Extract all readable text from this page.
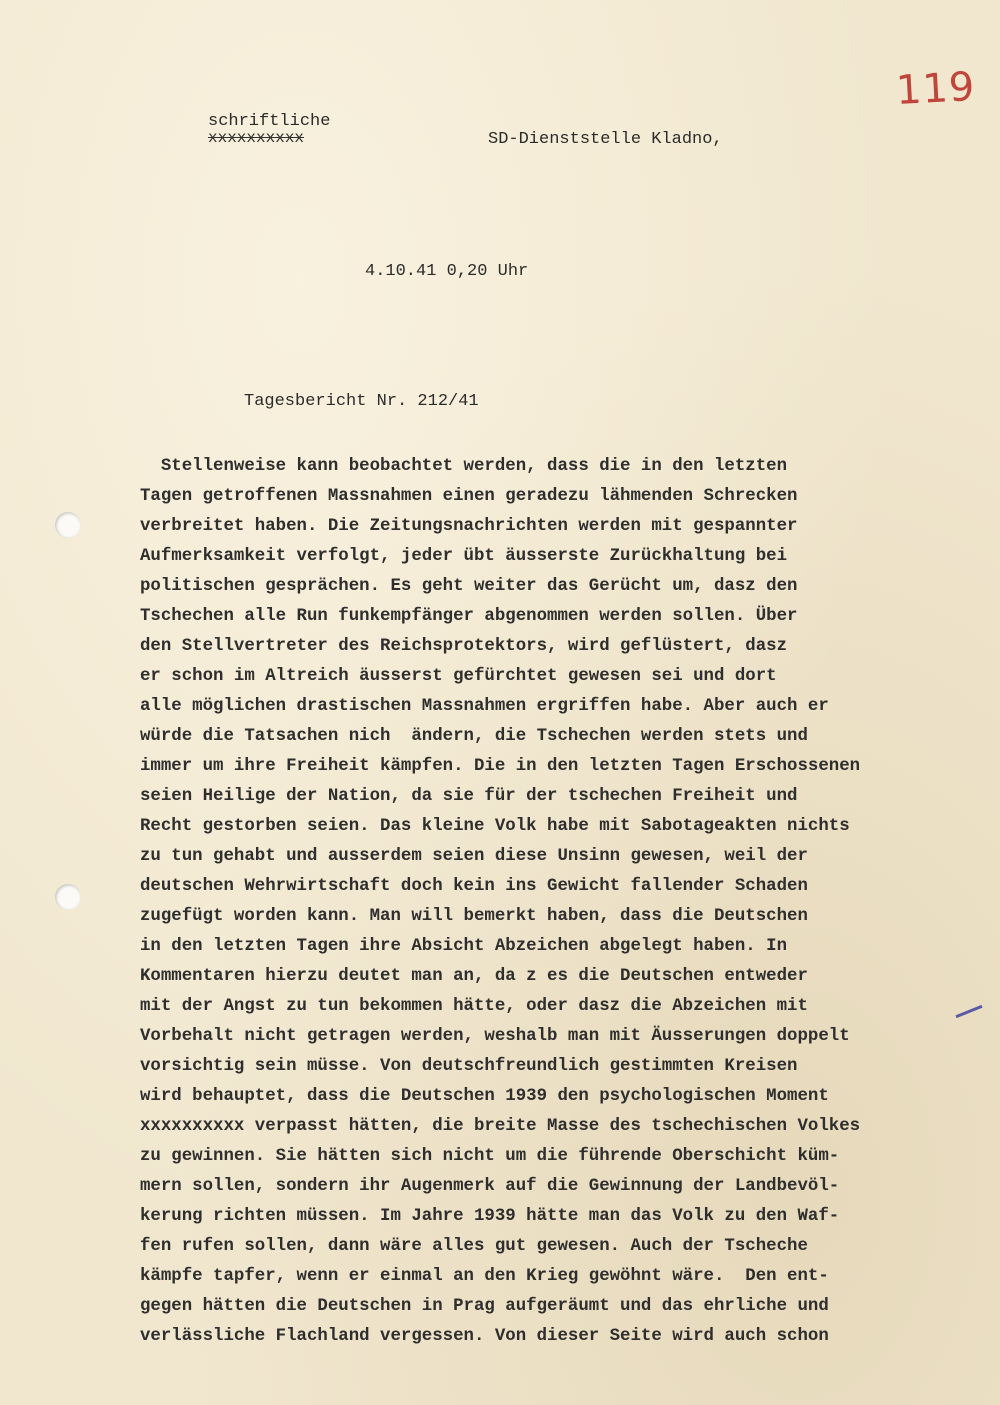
119
schriftliche
xxxxxxxxxx	SD-Dienststelle Kladno,
4.10.41 0,20 Uhr
Tagesbericht Nr. 212/41
Stellenweise kann beobachtet werden, dass die in den letzten
Tagen getroffenen Massnahmen einen geradezu lähmenden Schrecken
verbreitet haben. Die Zeitungsnachrichten werden mit gespannter
Aufmerksamkeit verfolgt, jeder übt äusserste Zurückhaltung bei
politischen gesprächen. Es geht weiter das Gerücht um, dasz den
Tschechen alle Run funkempfänger abgenommen werden sollen. Über
den Stellvertreter des Reichsprotektors, wird geflüstert, dasz
er schon im Altreich äusserst gefürchtet gewesen sei und dort
alle möglichen drastischen Massnahmen ergriffen habe. Aber auch er
würde die Tatsachen nich  ändern, die Tschechen werden stets und
immer um ihre Freiheit kämpfen. Die in den letzten Tagen Erschossenen
seien Heilige der Nation, da sie für der tschechen Freiheit und
Recht gestorben seien. Das kleine Volk habe mit Sabotageakten nichts
zu tun gehabt und ausserdem seien diese Unsinn gewesen, weil der
deutschen Wehrwirtschaft doch kein ins Gewicht fallender Schaden
zugefügt worden kann. Man will bemerkt haben, dass die Deutschen
in den letzten Tagen ihre Absicht Abzeichen abgelegt haben. In
Kommentaren hierzu deutet man an, da z es die Deutschen entweder
mit der Angst zu tun bekommen hätte, oder dasz die Abzeichen mit
Vorbehalt nicht getragen werden, weshalb man mit Äusserungen doppelt
vorsichtig sein müsse. Von deutschfreundlich gestimmten Kreisen
wird behauptet, dass die Deutschen 1939 den psychologischen Moment
xxxxxxxxxx verpasst hätten, die breite Masse des tschechischen Volkes
zu gewinnen. Sie hätten sich nicht um die führende Oberschicht küm-
mern sollen, sondern ihr Augenmerk auf die Gewinnung der Landbevöl-
kerung richten müssen. Im Jahre 1939 hätte man das Volk zu den Waf-
fen rufen sollen, dann wäre alles gut gewesen. Auch der Tscheche
kämpfe tapfer, wenn er einmal an den Krieg gewöhnt wäre.  Den ent-
gegen hätten die Deutschen in Prag aufgeräumt und das ehrliche und
verlässliche Flachland vergessen. Von dieser Seite wird auch schon
